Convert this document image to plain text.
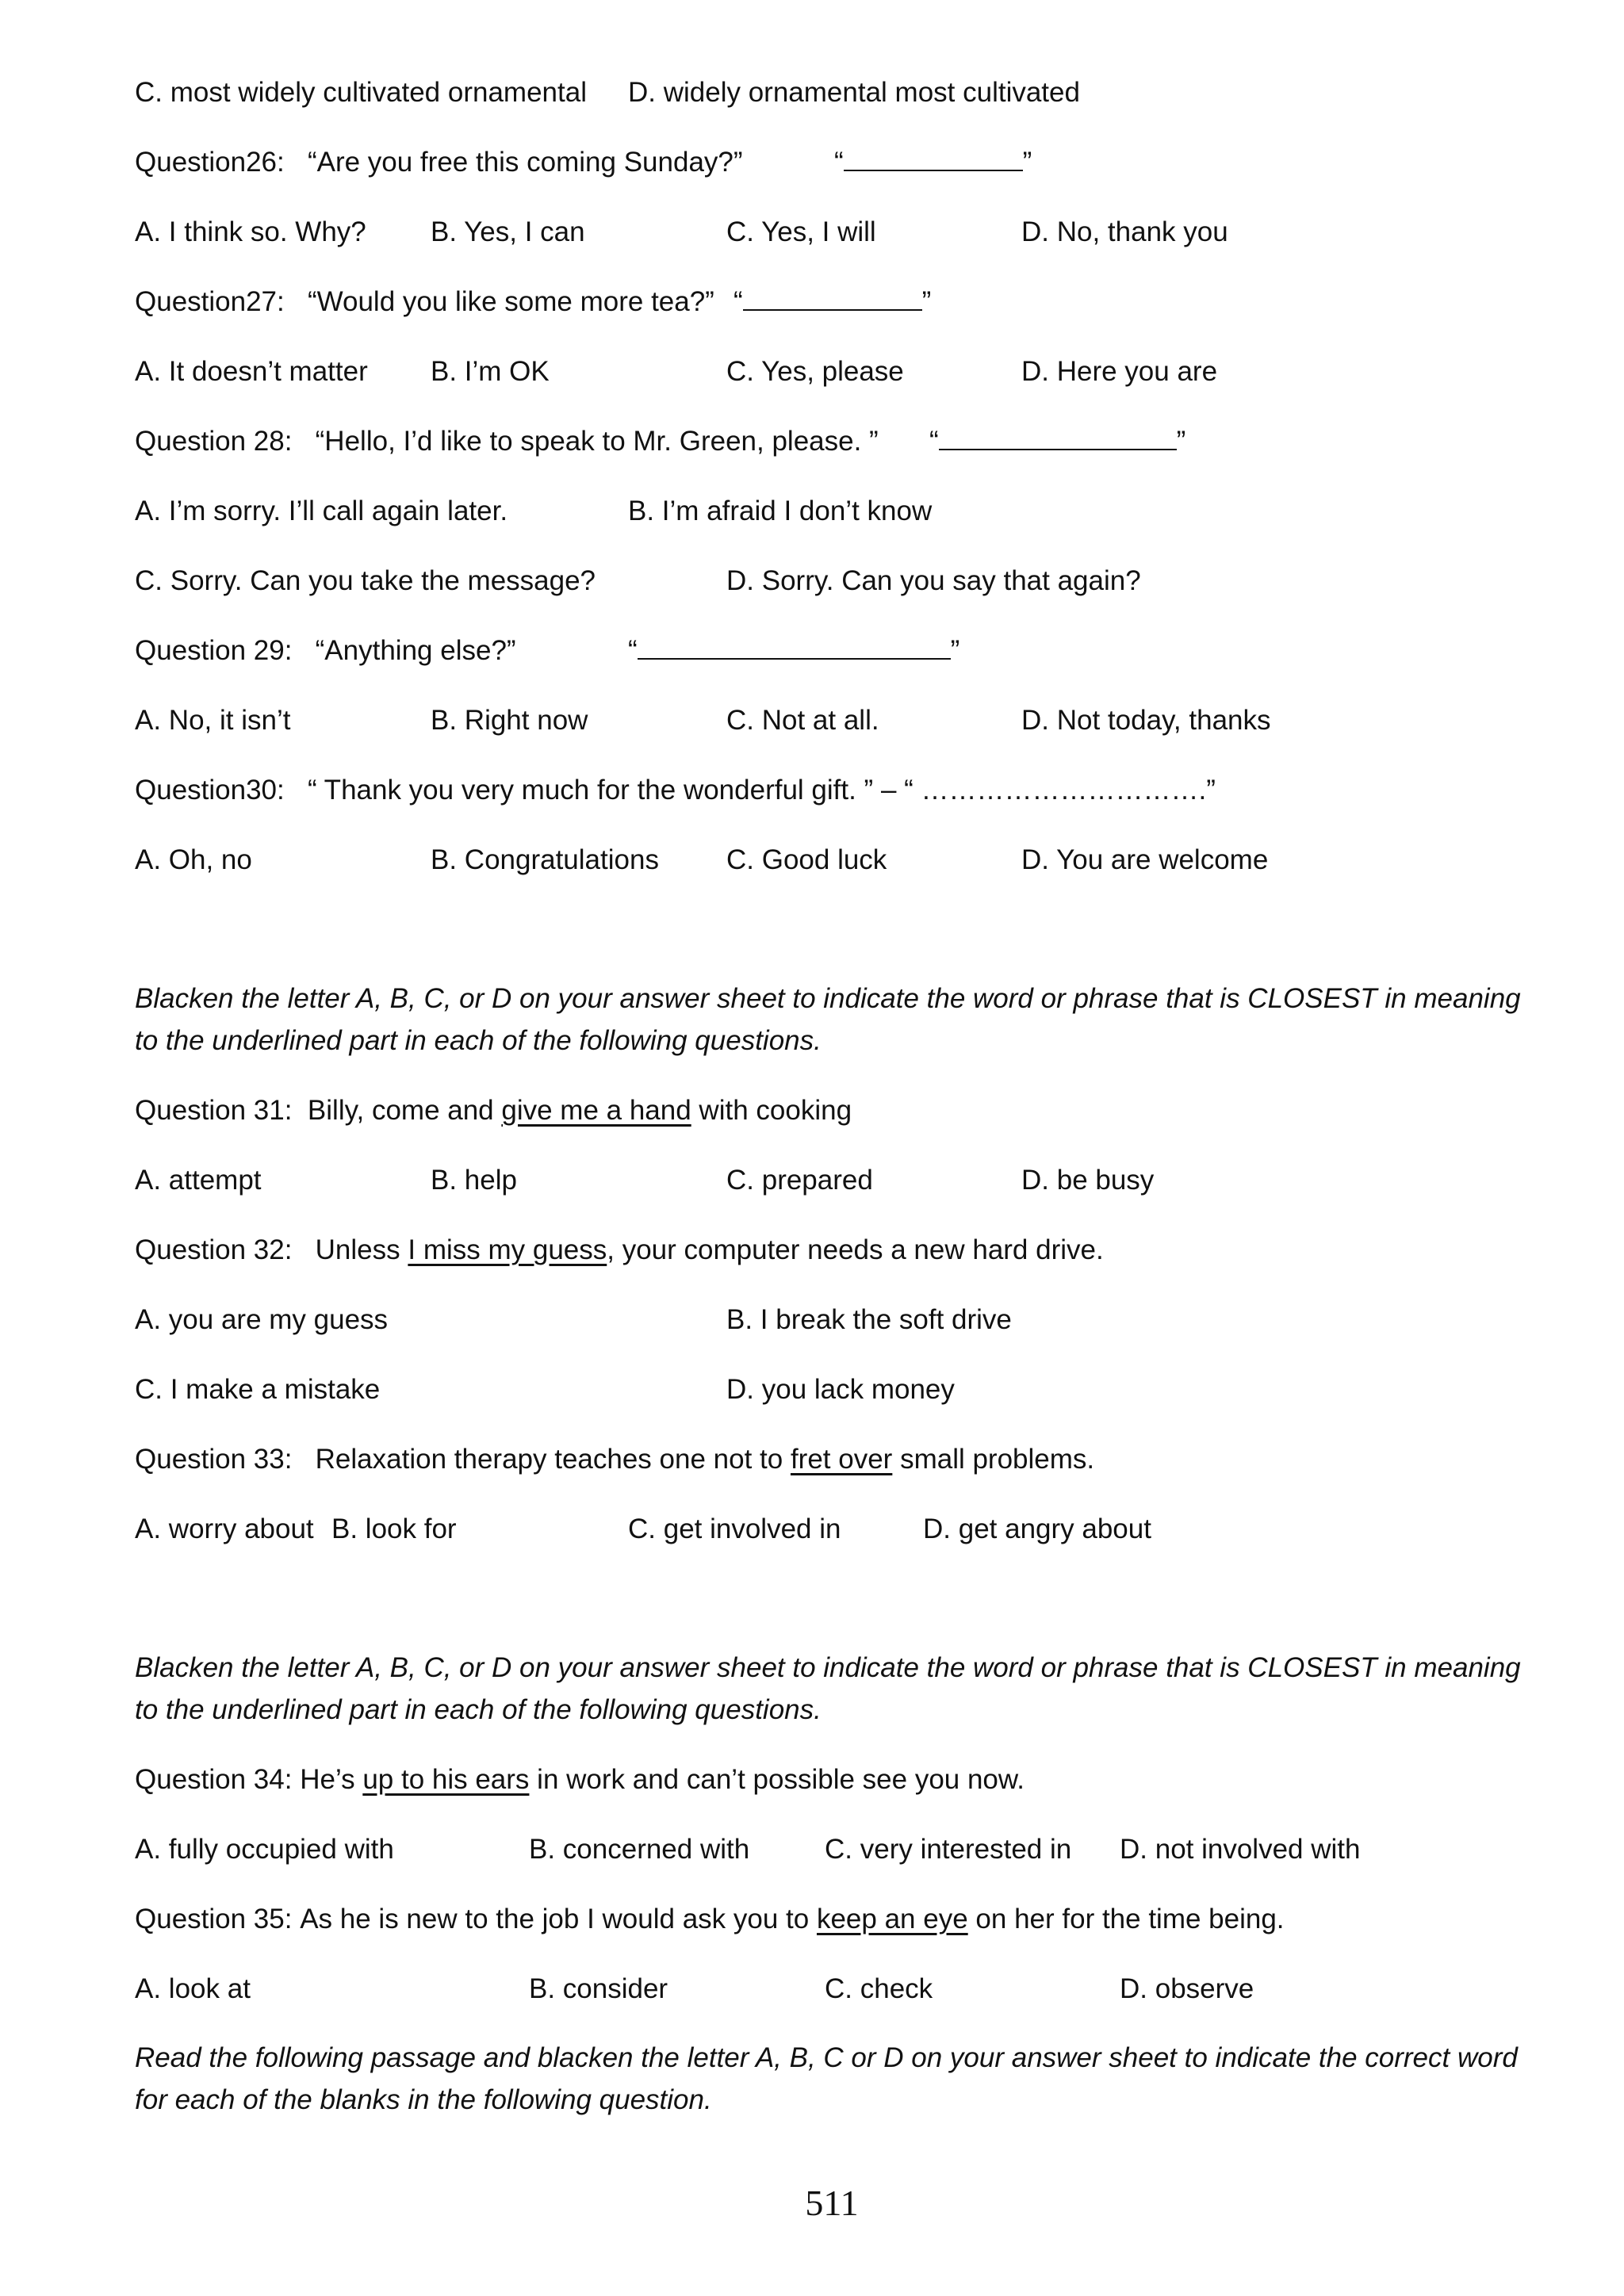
C. most widely cultivated ornamental D. widely ornamental most cultivated
Question26: “Are you free this coming Sunday?”	“	”
A. I think so. Why? B. Yes, I can	C. Yes, I will	D. No, thank you
Question27: “Would you like some more tea?” “	”
A. It doesn’t matter B. I’m OK	C. Yes, please	D. Here you are
Question 28: “Hello, I’d like to speak to Mr. Green, please. ” “	”
A. I’m sorry. I’ll call again later.	B. I’m afraid I don’t know
C. Sorry. Can you take the message?	D. Sorry. Can you say that again?
Question 29: “Anything else?”	“	”
A. No, it isn’t	B. Right now	C. Not at all.	D. Not today, thanks
Question30: “ Thank you very much for the wonderful gift. ” – “ ………………………….”
A. Oh, no	B. Congratulations C. Good luck	D. You are welcome
Blacken the letter A, B, C, or D on your answer sheet to indicate the word or phrase that is CLOSEST in meaning to the underlined part in each of the following questions.
Question 31: Billy, come and give me a hand with cooking
A. attempt	B. help	C. prepared	D. be busy
Question 32: Unless I miss my guess, your computer needs a new hard drive.
A. you are my guess	B. I break the soft drive
C. I make a mistake	D. you lack money
Question 33: Relaxation therapy teaches one not to fret over small problems.
A. worry about B. look for	C. get involved in	D. get angry about
Blacken the letter A, B, C, or D on your answer sheet to indicate the word or phrase that is CLOSEST in meaning to the underlined part in each of the following questions.
Question 34: He’s up to his ears in work and can’t possible see you now.
A. fully occupied with	B. concerned with	C. very interested in D. not involved with
Question 35: As he is new to the job I would ask you to keep an eye on her for the time being.
A. look at	B. consider	C. check	D. observe
Read the following passage and blacken the letter A, B, C or D on your answer sheet to indicate the correct word for each of the blanks in the following question.
511
